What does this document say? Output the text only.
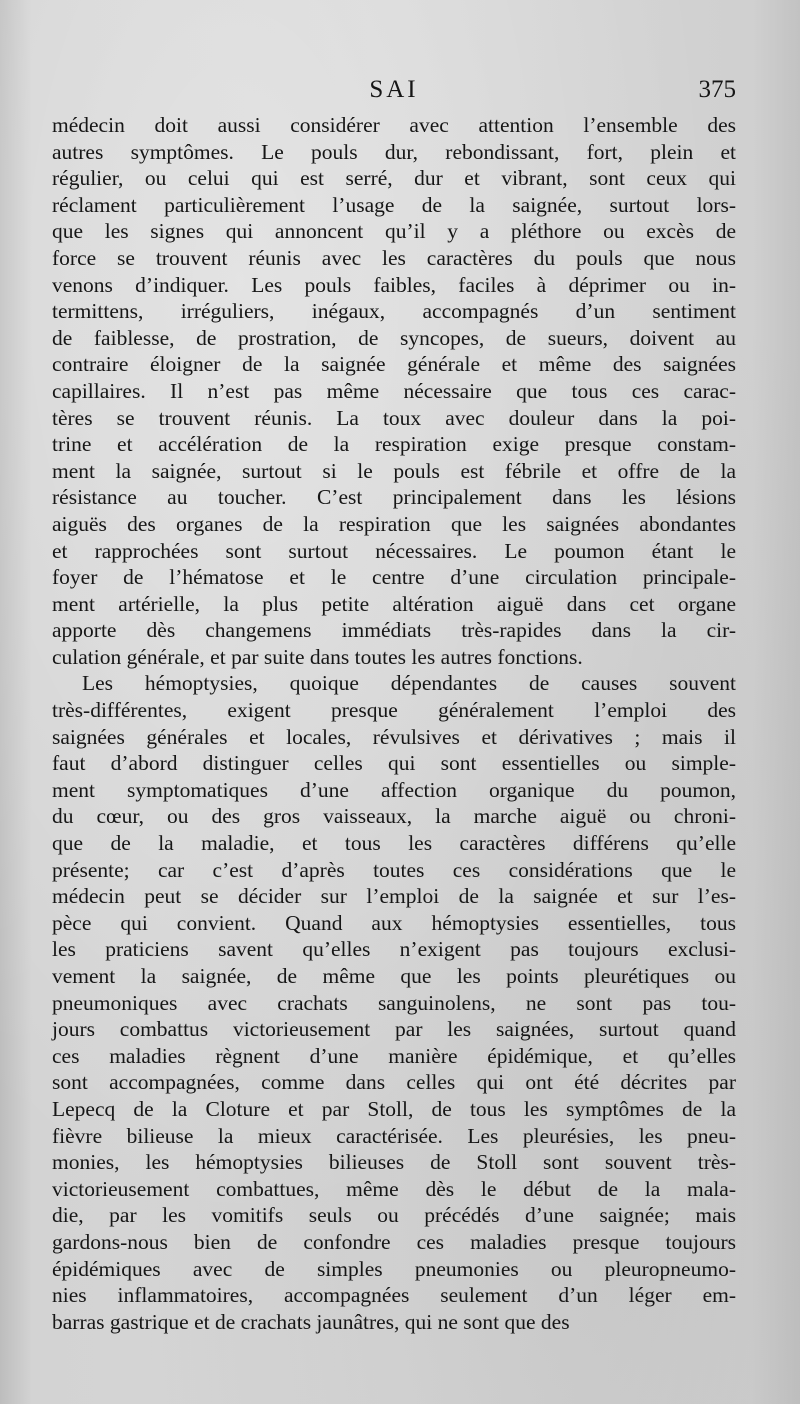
SAI	375
médecin doit aussi considérer avec attention l’ensemble des
autres symptômes. Le pouls dur, rebondissant, fort, plein et
régulier, ou celui qui est serré, dur et vibrant, sont ceux qui
réclament particulièrement l’usage de la saignée, surtout lors-
que les signes qui annoncent qu’il y a pléthore ou excès de
force se trouvent réunis avec les caractères du pouls que nous
venons d’indiquer. Les pouls faibles, faciles à déprimer ou in-
termittens, irréguliers, inégaux, accompagnés d’un sentiment
de faiblesse, de prostration, de syncopes, de sueurs, doivent au
contraire éloigner de la saignée générale et même des saignées
capillaires. Il n’est pas même nécessaire que tous ces carac-
tères se trouvent réunis. La toux avec douleur dans la poi-
trine et accélération de la respiration exige presque constam-
ment la saignée, surtout si le pouls est fébrile et offre de la
résistance au toucher. C’est principalement dans les lésions
aiguës des organes de la respiration que les saignées abondantes
et rapprochées sont surtout nécessaires. Le poumon étant le
foyer de l’hématose et le centre d’une circulation principale-
ment artérielle, la plus petite altération aiguë dans cet organe
apporte dès changemens immédiats très-rapides dans la cir-
culation générale, et par suite dans toutes les autres fonctions.
Les hémoptysies, quoique dépendantes de causes souvent
très-différentes, exigent presque généralement l’emploi des
saignées générales et locales, révulsives et dérivatives ; mais il
faut d’abord distinguer celles qui sont essentielles ou simple-
ment symptomatiques d’une affection organique du poumon,
du cœur, ou des gros vaisseaux, la marche aiguë ou chroni-
que de la maladie, et tous les caractères différens qu’elle
présente; car c’est d’après toutes ces considérations que le
médecin peut se décider sur l’emploi de la saignée et sur l’es-
pèce qui convient. Quand aux hémoptysies essentielles, tous
les praticiens savent qu’elles n’exigent pas toujours exclusi-
vement la saignée, de même que les points pleurétiques ou
pneumoniques avec crachats sanguinolens, ne sont pas tou-
jours combattus victorieusement par les saignées, surtout quand
ces maladies règnent d’une manière épidémique, et qu’elles
sont accompagnées, comme dans celles qui ont été décrites par
Lepecq de la Cloture et par Stoll, de tous les symptômes de la
fièvre bilieuse la mieux caractérisée. Les pleurésies, les pneu-
monies, les hémoptysies bilieuses de Stoll sont souvent très-
victorieusement combattues, même dès le début de la mala-
die, par les vomitifs seuls ou précédés d’une saignée; mais
gardons-nous bien de confondre ces maladies presque toujours
épidémiques avec de simples pneumonies ou pleuropneumo-
nies inflammatoires, accompagnées seulement d’un léger em-
barras gastrique et de crachats jaunâtres, qui ne sont que des
